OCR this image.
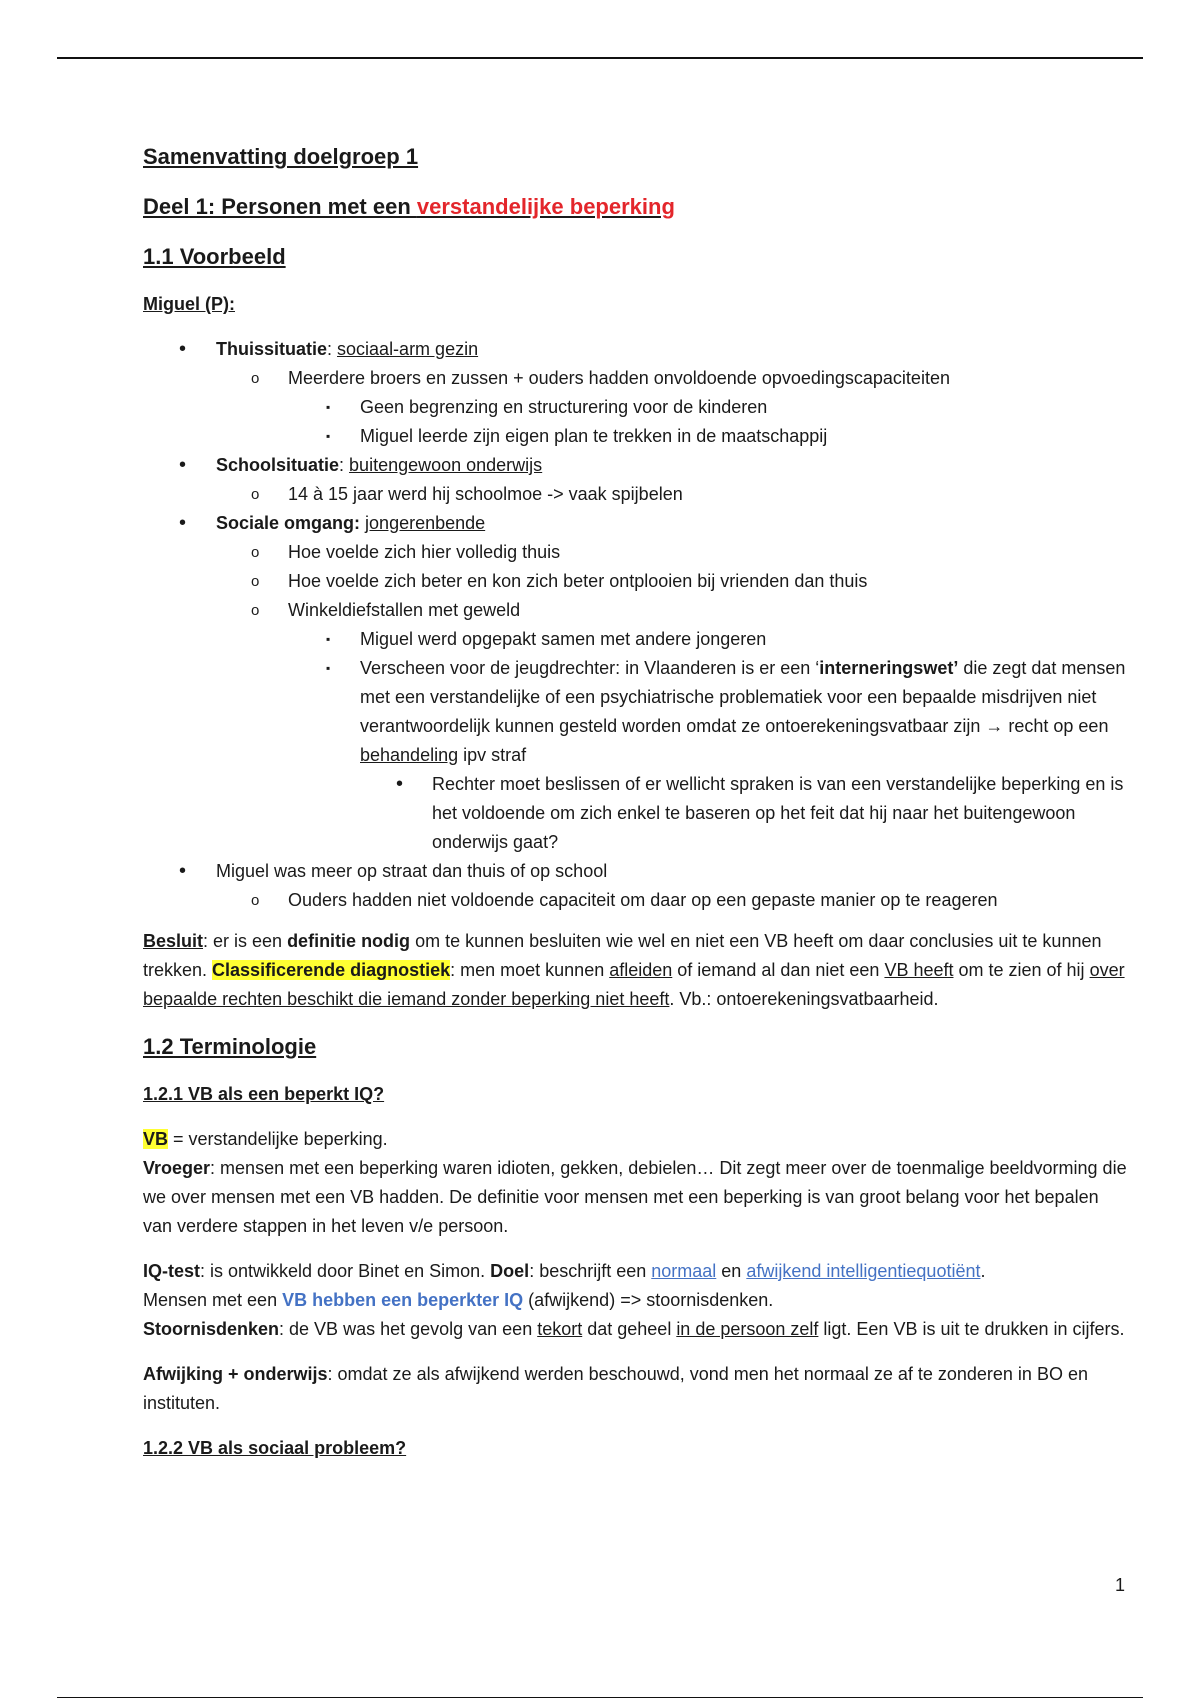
Samenvatting doelgroep 1
Deel 1: Personen met een verstandelijke beperking
1.1 Voorbeeld
Miguel (P):
• Thuissituatie: sociaal-arm gezin
o Meerdere broers en zussen + ouders hadden onvoldoende opvoedingscapaciteiten
▪ Geen begrenzing en structurering voor de kinderen
▪ Miguel leerde zijn eigen plan te trekken in de maatschappij
• Schoolsituatie: buitengewoon onderwijs
o 14 à 15 jaar werd hij schoolmoe -> vaak spijbelen
• Sociale omgang: jongerenbende
o Hoe voelde zich hier volledig thuis
o Hoe voelde zich beter en kon zich beter ontplooien bij vrienden dan thuis
o Winkeldiefstallen met geweld
▪ Miguel werd opgepakt samen met andere jongeren
▪ Verscheen voor de jeugdrechter: in Vlaanderen is er een ‘interneringswet’ die zegt dat mensen met een verstandelijke of een psychiatrische problematiek voor een bepaalde misdrijven niet verantwoordelijk kunnen gesteld worden omdat ze ontoerekeningsvatbaar zijn → recht op een behandeling ipv straf
• Rechter moet beslissen of er wellicht spraken is van een verstandelijke beperking en is het voldoende om zich enkel te baseren op het feit dat hij naar het buitengewoon onderwijs gaat?
• Miguel was meer op straat dan thuis of op school
o Ouders hadden niet voldoende capaciteit om daar op een gepaste manier op te reageren

Besluit: er is een definitie nodig om te kunnen besluiten wie wel en niet een VB heeft om daar conclusies uit te kunnen trekken. Classificerende diagnostiek: men moet kunnen afleiden of iemand al dan niet een VB heeft om te zien of hij over bepaalde rechten beschikt die iemand zonder beperking niet heeft. Vb.: ontoerekeningsvatbaarheid.

1.2 Terminologie
1.2.1 VB als een beperkt IQ?

VB = verstandelijke beperking.
Vroeger: mensen met een beperking waren idioten, gekken, debielen… Dit zegt meer over de toenmalige beeldvorming die we over mensen met een VB hadden. De definitie voor mensen met een beperking is van groot belang voor het bepalen van verdere stappen in het leven v/e persoon.

IQ-test: is ontwikkeld door Binet en Simon. Doel: beschrijft een normaal en afwijkend intelligentiequotiënt.
Mensen met een VB hebben een beperkter IQ (afwijkend) => stoornisdenken.
Stoornisdenken: de VB was het gevolg van een tekort dat geheel in de persoon zelf ligt. Een VB is uit te drukken in cijfers.

Afwijking + onderwijs: omdat ze als afwijkend werden beschouwd, vond men het normaal ze af te zonderen in BO en instituten.

1.2.2 VB als sociaal probleem?
1
